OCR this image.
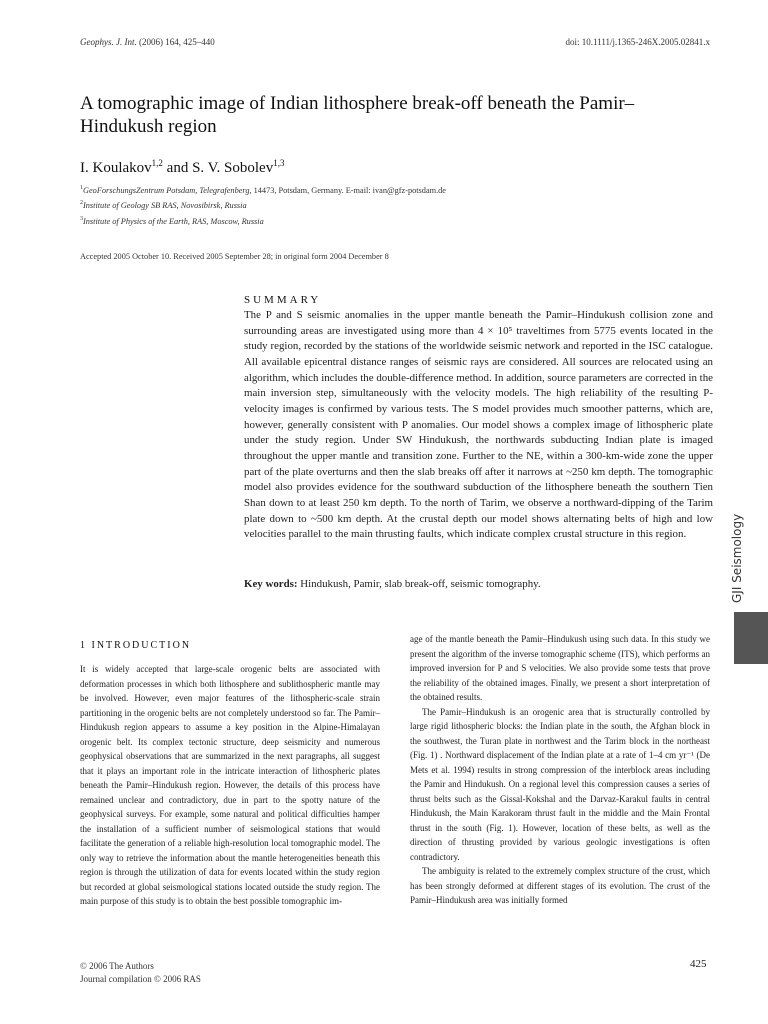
Geophys. J. Int. (2006) 164, 425–440	doi: 10.1111/j.1365-246X.2005.02841.x
A tomographic image of Indian lithosphere break-off beneath the Pamir–Hindukush region
I. Koulakov$^{1,2}$ and S. V. Sobolev$^{1,3}$
$^1$GeoForschungsZentrum Potsdam, Telegrafenberg, 14473, Potsdam, Germany. E-mail: ivan@gfz-potsdam.de
$^2$Institute of Geology SB RAS, Novosibirsk, Russia
$^3$Institute of Physics of the Earth, RAS, Moscow, Russia
Accepted 2005 October 10. Received 2005 September 28; in original form 2004 December 8
SUMMARY
The P and S seismic anomalies in the upper mantle beneath the Pamir–Hindukush collision zone and surrounding areas are investigated using more than 4 × 10⁵ traveltimes from 5775 events located in the study region, recorded by the stations of the worldwide seismic network and reported in the ISC catalogue. All available epicentral distance ranges of seismic rays are considered. All sources are relocated using an algorithm, which includes the double-difference method. In addition, source parameters are corrected in the main inversion step, simultaneously with the velocity models. The high reliability of the resulting P-velocity images is confirmed by various tests. The S model provides much smoother patterns, which are, however, generally consistent with P anomalies. Our model shows a complex image of lithospheric plate under the study region. Under SW Hindukush, the northwards subducting Indian plate is imaged throughout the upper mantle and transition zone. Further to the NE, within a 300-km-wide zone the upper part of the plate overturns and then the slab breaks off after it narrows at ~250 km depth. The tomographic model also provides evidence for the southward subduction of the lithosphere beneath the southern Tien Shan down to at least 250 km depth. To the north of Tarim, we observe a northward-dipping of the Tarim plate down to ~500 km depth. At the crustal depth our model shows alternating belts of high and low velocities parallel to the main thrusting faults, which indicate complex crustal structure in this region.
Key words: Hindukush, Pamir, slab break-off, seismic tomography.
1 INTRODUCTION

It is widely accepted that large-scale orogenic belts are associated with deformation processes in which both lithosphere and sublithospheric mantle may be involved. However, even major features of the lithospheric-scale strain partitioning in the orogenic belts are not completely understood so far. The Pamir–Hindukush region appears to assume a key position in the Alpine-Himalayan orogenic belt. Its complex tectonic structure, deep seismicity and numerous geophysical observations that are summarized in the next paragraphs, all suggest that it plays an important role in the intricate interaction of lithospheric plates beneath the Pamir–Hindukush region. However, the details of this process have remained unclear and contradictory, due in part to the spotty nature of the geophysical surveys. For example, some natural and political difficulties hamper the installation of a sufficient number of seismological stations that would facilitate the generation of a reliable high-resolution local tomographic model. The only way to retrieve the information about the mantle heterogeneities beneath this region is through the utilization of data for events located within the study region but recorded at global seismological stations located outside the study region. The main purpose of this study is to obtain the best possible tomographic im-

age of the mantle beneath the Pamir–Hindukush using such data. In this study we present the algorithm of the inverse tomographic scheme (ITS), which performs an improved inversion for P and S velocities. We also provide some tests that prove the reliability of the obtained images. Finally, we present a short interpretation of the obtained results.

The Pamir–Hindukush is an orogenic area that is structurally controlled by large rigid lithospheric blocks: the Indian plate in the south, the Afghan block in the southwest, the Turan plate in northwest and the Tarim block in the northeast (Fig. 1) . Northward displacement of the Indian plate at a rate of 1–4 cm yr⁻¹ (De Mets et al. 1994) results in strong compression of the interblock areas including the Pamir and Hindukush. On a regional level this compression causes a series of thrust belts such as the Gissal-Kokshal and the Darvaz-Karakul faults in central Hindukush, the Main Karakoram thrust fault in the middle and the Main Frontal thrust in the south (Fig. 1). However, location of these belts, as well as the direction of thrusting provided by various geologic investigations is often contradictory.

The ambiguity is related to the extremely complex structure of the crust, which has been strongly deformed at different stages of its evolution. The crust of the Pamir–Hindukush area was initially formed

GJI Seismology
© 2006 The Authors
Journal compilation © 2006 RAS
425
